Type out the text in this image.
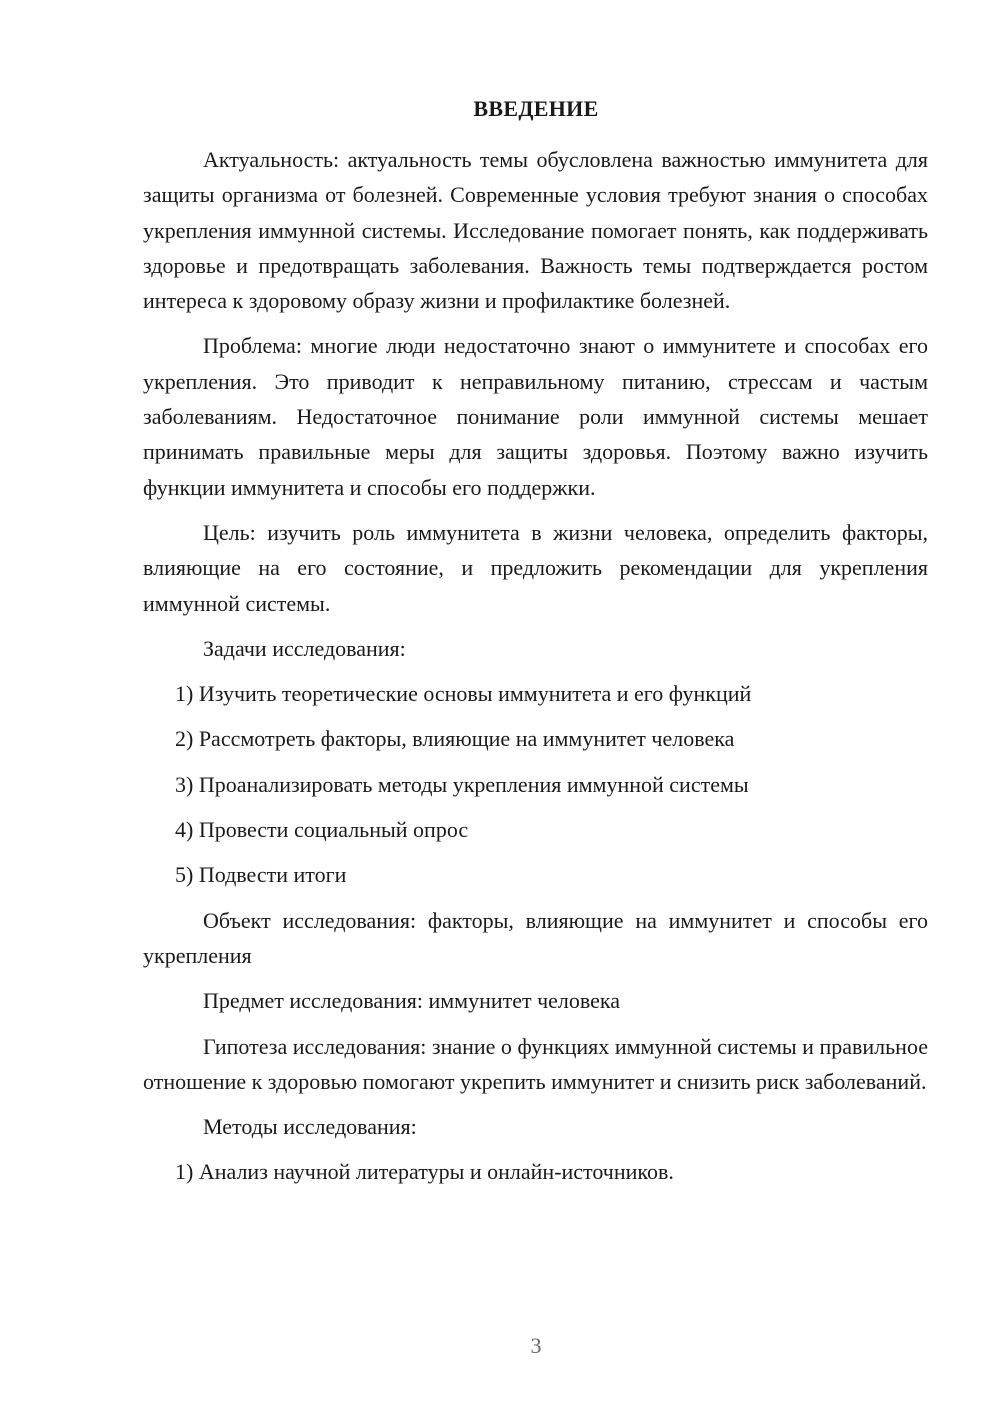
ВВЕДЕНИЕ

Актуальность: актуальность темы обусловлена важностью иммунитета для защиты организма от болезней. Современные условия требуют знания о способах укрепления иммунной системы. Исследование помогает понять, как поддерживать здоровье и предотвращать заболевания. Важность темы подтверждается ростом интереса к здоровому образу жизни и профилактике болезней.

Проблема: многие люди недостаточно знают о иммунитете и способах его укрепления. Это приводит к неправильному питанию, стрессам и частым заболеваниям. Недостаточное понимание роли иммунной системы мешает принимать правильные меры для защиты здоровья. Поэтому важно изучить функции иммунитета и способы его поддержки.

Цель: изучить роль иммунитета в жизни человека, определить факторы, влияющие на его состояние, и предложить рекомендации для укрепления иммунной системы.

Задачи исследования:

1) Изучить теоретические основы иммунитета и его функций

2) Рассмотреть факторы, влияющие на иммунитет человека

3) Проанализировать методы укрепления иммунной системы

4) Провести социальный опрос

5) Подвести итоги

Объект исследования: факторы, влияющие на иммунитет и способы его укрепления

Предмет исследования: иммунитет человека

Гипотеза исследования: знание о функциях иммунной системы и правильное отношение к здоровью помогают укрепить иммунитет и снизить риск заболеваний.

Методы исследования:

1) Анализ научной литературы и онлайн-источников.

3
